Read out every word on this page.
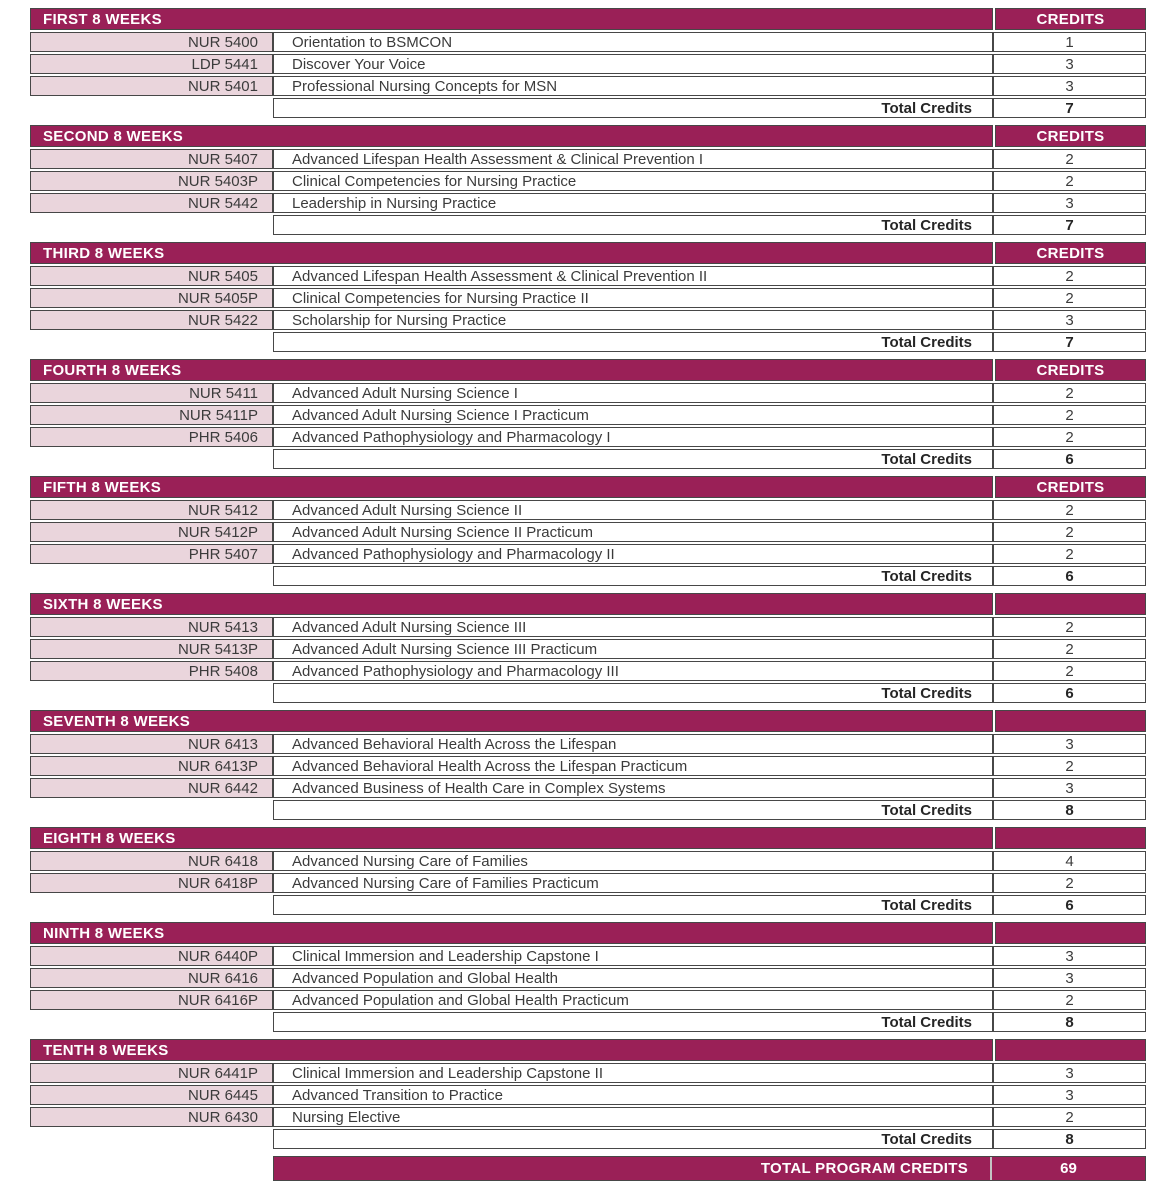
FIRST 8 WEEKS	CREDITS
NUR 5400	Orientation to BSMCON	1
LDP 5441	Discover Your Voice	3
NUR 5401	Professional Nursing Concepts for MSN	3
Total Credits	7
SECOND 8 WEEKS	CREDITS
NUR 5407	Advanced Lifespan Health Assessment & Clinical Prevention I	2
NUR 5403P	Clinical Competencies for Nursing Practice	2
NUR 5442	Leadership in Nursing Practice	3
Total Credits	7
THIRD 8 WEEKS	CREDITS
NUR 5405	Advanced Lifespan Health Assessment & Clinical Prevention II	2
NUR 5405P	Clinical Competencies for Nursing Practice II	2
NUR 5422	Scholarship for Nursing Practice	3
Total Credits	7
FOURTH 8 WEEKS	CREDITS
NUR 5411	Advanced Adult Nursing Science I	2
NUR 5411P	Advanced Adult Nursing Science I Practicum	2
PHR 5406	Advanced Pathophysiology and Pharmacology I	2
Total Credits	6
FIFTH 8 WEEKS	CREDITS
NUR 5412	Advanced Adult Nursing Science II	2
NUR 5412P	Advanced Adult Nursing Science II Practicum	2
PHR 5407	Advanced Pathophysiology and Pharmacology II	2
Total Credits	6
SIXTH 8 WEEKS
NUR 5413	Advanced Adult Nursing Science III	2
NUR 5413P	Advanced Adult Nursing Science III Practicum	2
PHR 5408	Advanced Pathophysiology and Pharmacology III	2
Total Credits	6
SEVENTH 8 WEEKS
NUR 6413	Advanced Behavioral Health Across the Lifespan	3
NUR 6413P	Advanced Behavioral Health Across the Lifespan Practicum	2
NUR 6442	Advanced Business of Health Care in Complex Systems	3
Total Credits	8
EIGHTH 8 WEEKS
NUR 6418	Advanced Nursing Care of Families	4
NUR 6418P	Advanced Nursing Care of Families Practicum	2
Total Credits	6
NINTH 8 WEEKS
NUR 6440P	Clinical Immersion and Leadership Capstone I	3
NUR 6416	Advanced Population and Global Health	3
NUR 6416P	Advanced Population and Global Health Practicum	2
Total Credits	8
TENTH 8 WEEKS
NUR 6441P	Clinical Immersion and Leadership Capstone II	3
NUR 6445	Advanced Transition to Practice	3
NUR 6430	Nursing Elective	2
Total Credits	8
TOTAL PROGRAM CREDITS	69
